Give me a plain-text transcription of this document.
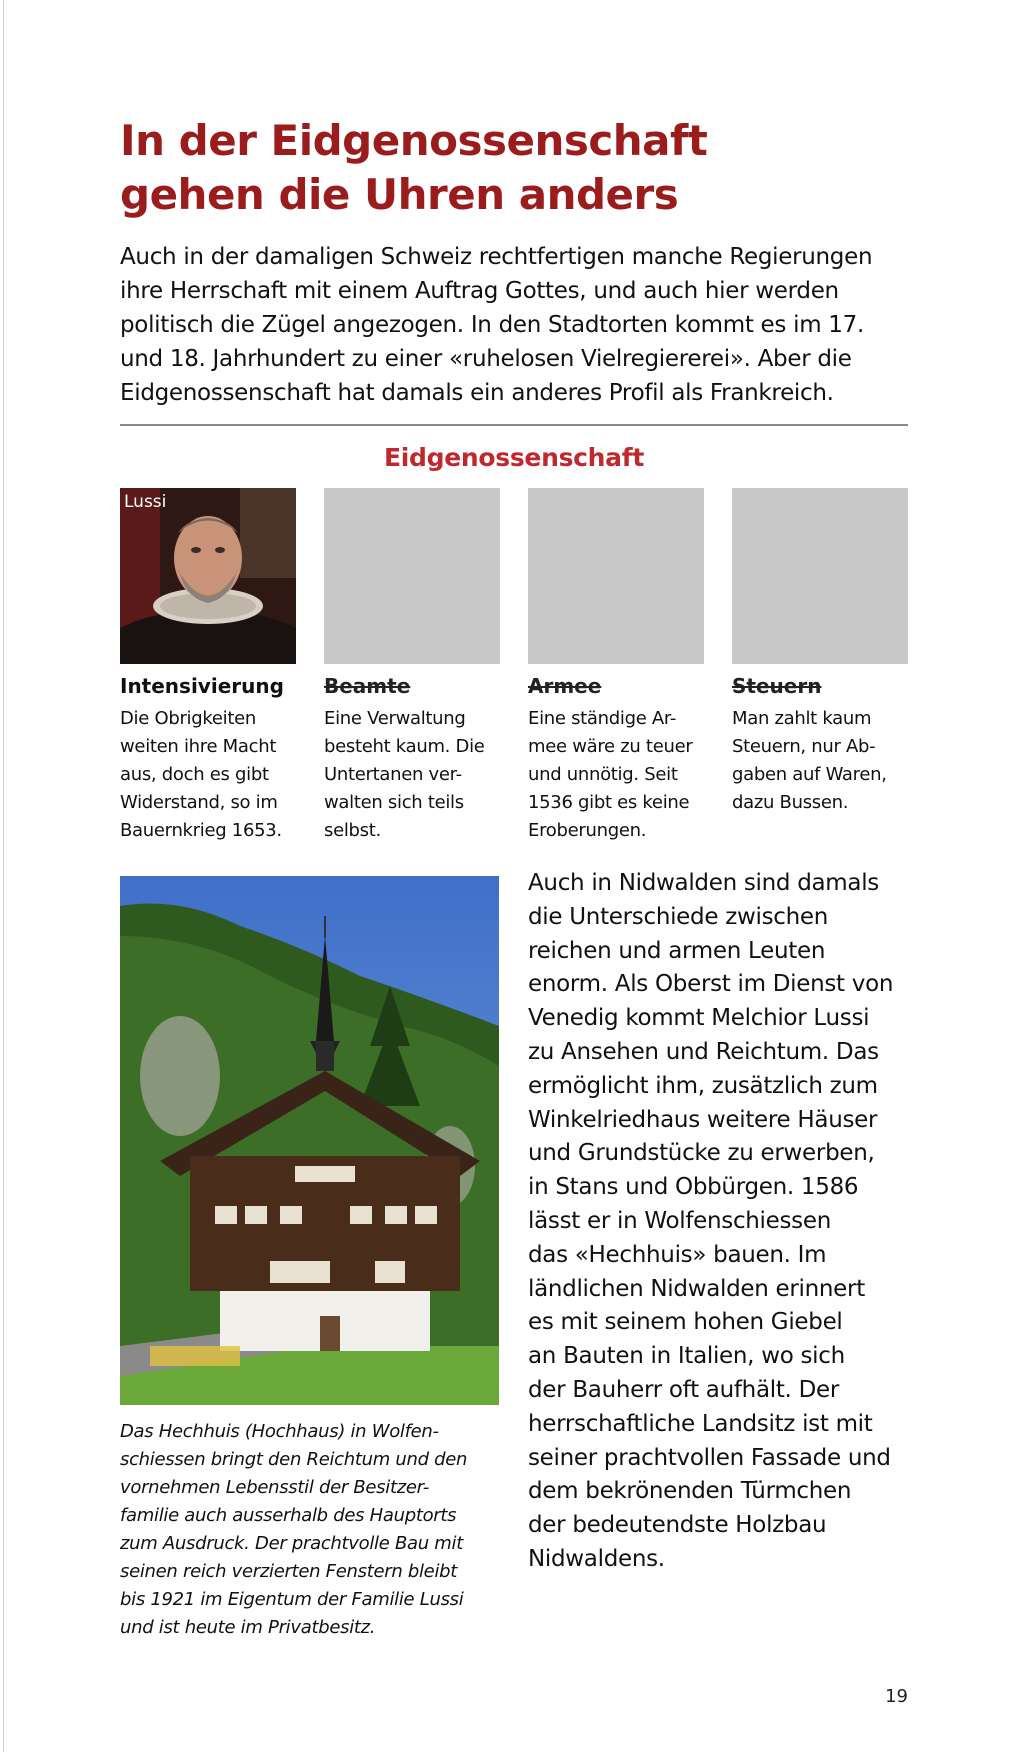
In der Eidgenossenschaft
gehen die Uhren anders

Auch in der damaligen Schweiz rechtfertigen manche Regierungen
ihre Herrschaft mit einem Auftrag Gottes, und auch hier werden
politisch die Zügel angezogen. In den Stadtorten kommt es im 17.
und 18. Jahrhundert zu einer «ruhelosen Vielregiererei». Aber die
Eidgenossenschaft hat damals ein anderes Profil als Frankreich.

Eidgenossenschaft
Lussi
Intensivierung	Beamte	Armee	Steuern

Die Obrigkeiten
weiten ihre Macht
aus, doch es gibt
Widerstand, so im
Bauernkrieg 1653.

Eine Verwaltung
besteht kaum. Die
Untertanen ver-
walten sich teils
selbst.

Eine ständige Ar-
mee wäre zu teuer
und unnötig. Seit
1536 gibt es keine
Eroberungen.

Man zahlt kaum
Steuern, nur Ab-
gaben auf Waren,
dazu Bussen.

Das Hechhuis (Hochhaus) in Wolfen-
schiessen bringt den Reichtum und den
vornehmen Lebensstil der Besitzer-
familie auch ausserhalb des Hauptorts
zum Ausdruck. Der prachtvolle Bau mit
seinen reich verzierten Fenstern bleibt
bis 1921 im Eigentum der Familie Lussi
und ist heute im Privatbesitz.

Auch in Nidwalden sind damals
die Unterschiede zwischen
reichen und armen Leuten
enorm. Als Oberst im Dienst von
Venedig kommt Melchior Lussi
zu Ansehen und Reichtum. Das
ermöglicht ihm, zusätzlich zum
Winkelriedhaus weitere Häuser
und Grundstücke zu erwerben,
in Stans und Obbürgen. 1586
lässt er in Wolfenschiessen
das «Hechhuis» bauen. Im
ländlichen Nidwalden erinnert
es mit seinem hohen Giebel
an Bauten in Italien, wo sich
der Bauherr oft aufhält. Der
herrschaftliche Landsitz ist mit
seiner prachtvollen Fassade und
dem bekrönenden Türmchen
der bedeutendste Holzbau
Nidwaldens.

19
